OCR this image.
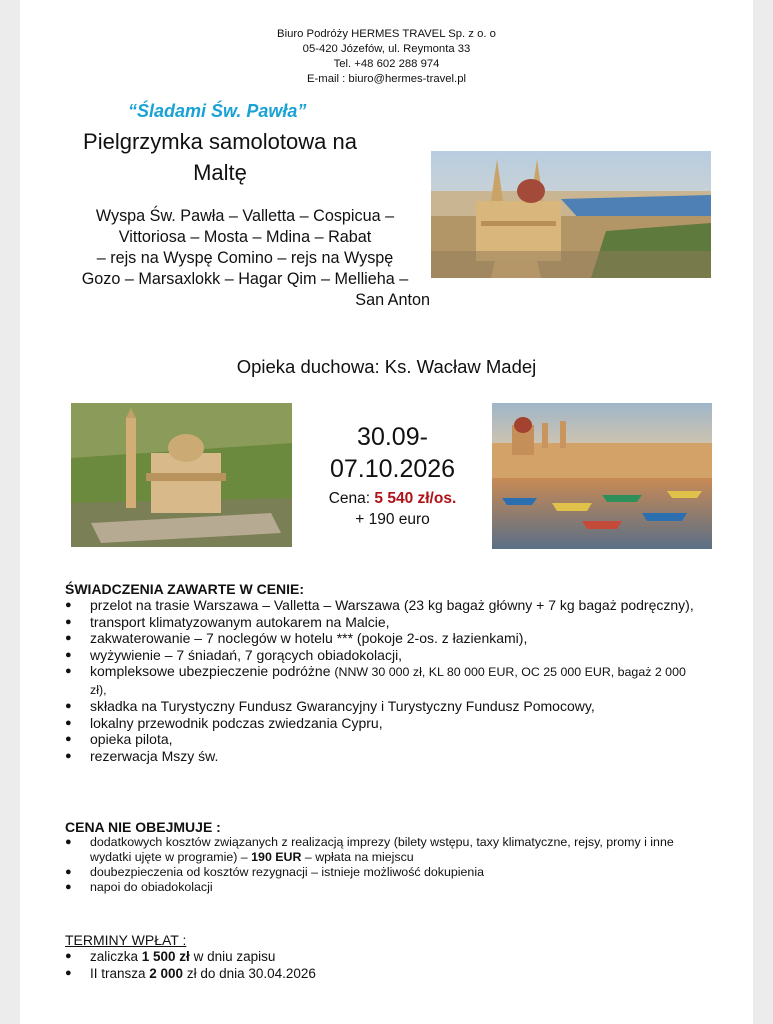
Biuro Podróży HERMES TRAVEL Sp. z o. o
05-420 Józefów, ul. Reymonta 33
Tel. +48 602 288 974
E-mail : biuro@hermes-travel.pl
“Śladami Św. Pawła”
Pielgrzymka samolotowa na
Maltę
Wyspa Św. Pawła – Valletta – Cospicua –
Vittoriosa – Mosta – Mdina – Rabat
– rejs na Wyspę Comino – rejs na Wyspę
Gozo – Marsaxlokk – Hagar Qim – Mellieha –
San Anton
Opieka duchowa: Ks. Wacław Madej
30.09-
07.10.2026
Cena: 5 540 zł/os.
+ 190 euro
ŚWIADCZENIA ZAWARTE W CENIE:
● przelot na trasie Warszawa – Valletta – Warszawa (23 kg bagaż główny + 7 kg bagaż podręczny),
● transport klimatyzowanym autokarem na Malcie,
● zakwaterowanie – 7 noclegów w hotelu *** (pokoje 2-os. z łazienkami),
● wyżywienie – 7 śniadań, 7 gorących obiadokolacji,
● kompleksowe ubezpieczenie podróżne (NNW 30 000 zł, KL 80 000 EUR, OC 25 000 EUR, bagaż 2 000 zł),
● składka na Turystyczny Fundusz Gwarancyjny i Turystyczny Fundusz Pomocowy,
● lokalny przewodnik podczas zwiedzania Cypru,
● opieka pilota,
● rezerwacja Mszy św.
CENA NIE OBEJMUJE :
● dodatkowych kosztów związanych z realizacją imprezy (bilety wstępu, taxy klimatyczne, rejsy, promy i inne wydatki ujęte w programie) – 190 EUR – wpłata na miejscu
● doubezpieczenia od kosztów rezygnacji – istnieje możliwość dokupienia
● napoi do obiadokolacji
TERMINY WPŁAT :
● zaliczka 1 500 zł w dniu zapisu
● II transza 2 000 zł do dnia 30.04.2026
